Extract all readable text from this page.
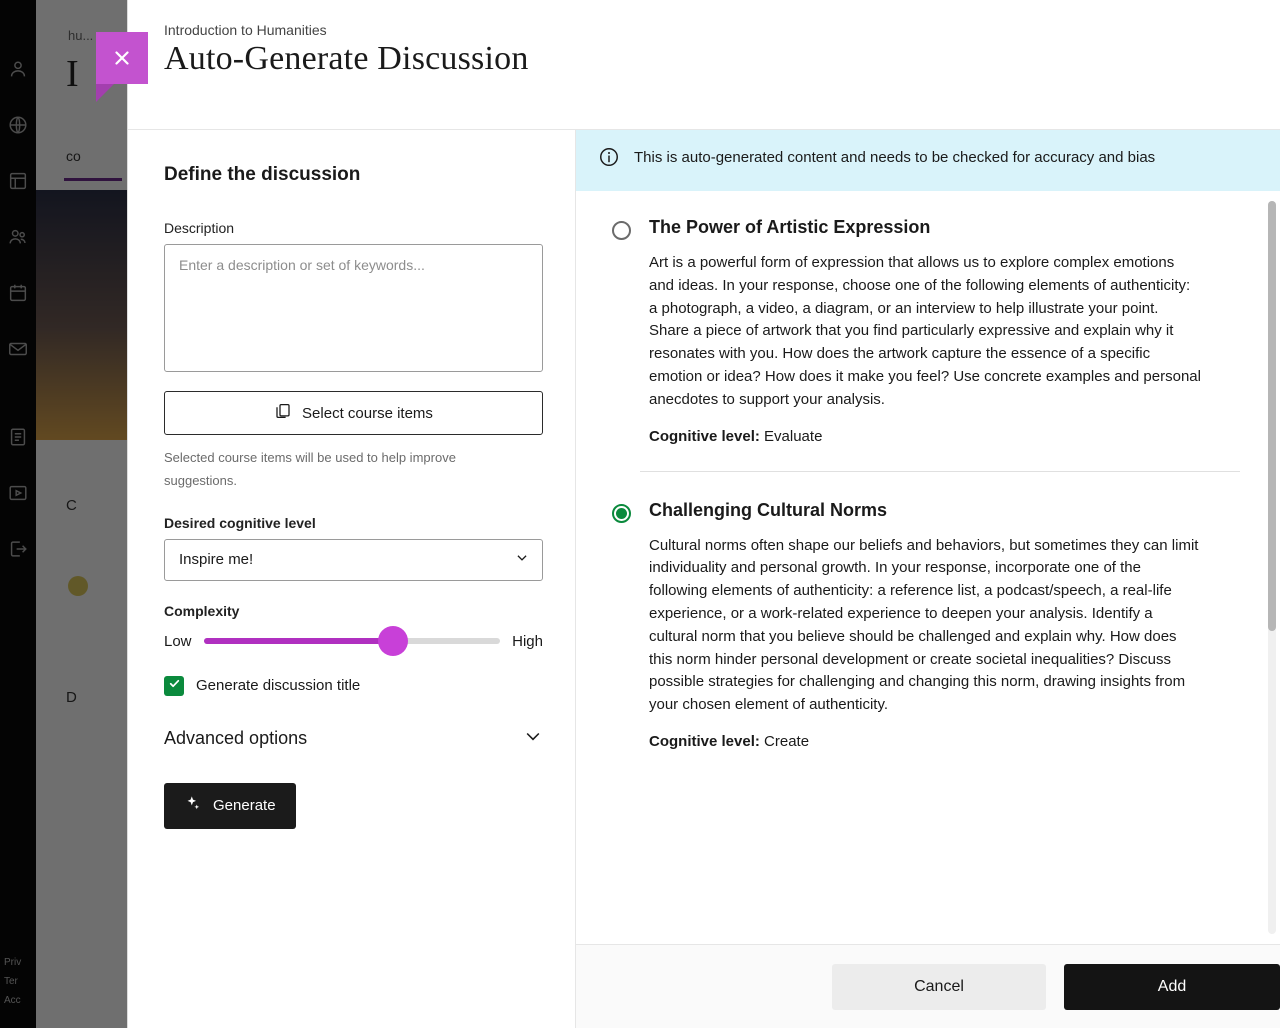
Introduction to Humanities

Auto-Generate Discussion
Define the discussion
Description
Enter a description or set of keywords...
Select course items
Selected course items will be used to help improve suggestions.
Desired cognitive level
Inspire me!
Complexity
Low	High
Generate discussion title
Advanced options
Generate
This is auto-generated content and needs to be checked for accuracy and bias
The Power of Artistic Expression

Art is a powerful form of expression that allows us to explore complex emotions and ideas. In your response, choose one of the following elements of authenticity: a photograph, a video, a diagram, or an interview to help illustrate your point. Share a piece of artwork that you find particularly expressive and explain why it resonates with you. How does the artwork capture the essence of a specific emotion or idea? How does it make you feel? Use concrete examples and personal anecdotes to support your analysis.

Cognitive level: Evaluate
Challenging Cultural Norms

Cultural norms often shape our beliefs and behaviors, but sometimes they can limit individuality and personal growth. In your response, incorporate one of the following elements of authenticity: a reference list, a podcast/speech, a real-life experience, or a work-related experience to deepen your analysis. Identify a cultural norm that you believe should be challenged and explain why. How does this norm hinder personal development or create societal inequalities? Discuss possible strategies for challenging and changing this norm, drawing insights from your chosen element of authenticity.

Cognitive level: Create
Cancel	Add
